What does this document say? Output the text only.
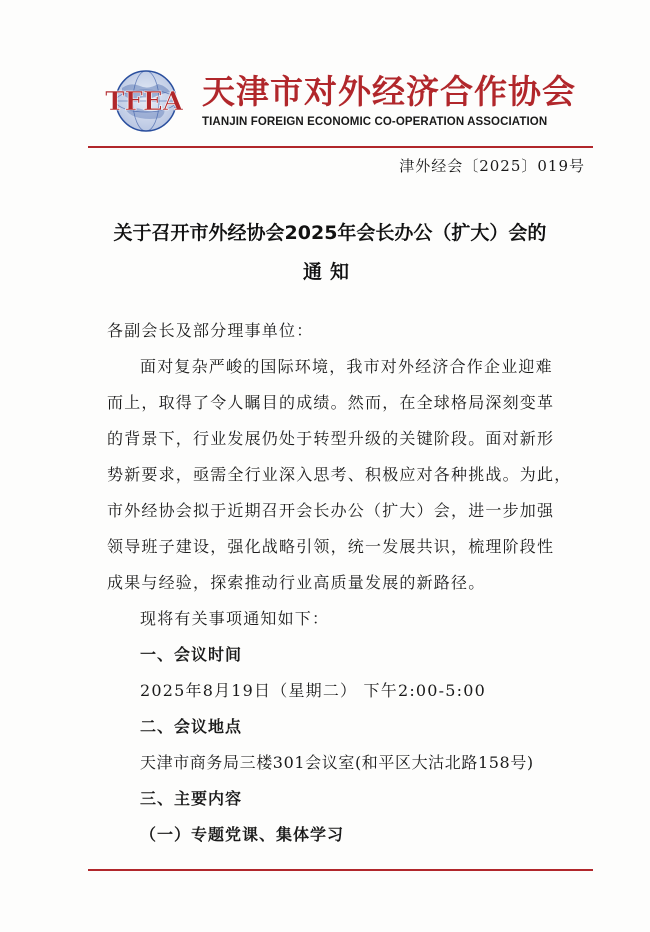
TFEA 天津市对外经济合作协会
TIANJIN FOREIGN ECONOMIC CO-OPERATION ASSOCIATION
津外经会〔2025〕019号
关于召开市外经协会2025年会长办公（扩大）会的
通知
各副会长及部分理事单位：
面对复杂严峻的国际环境，我市对外经济合作企业迎难
而上，取得了令人瞩目的成绩。然而，在全球格局深刻变革
的背景下，行业发展仍处于转型升级的关键阶段。面对新形
势新要求，亟需全行业深入思考、积极应对各种挑战。为此，
市外经协会拟于近期召开会长办公（扩大）会，进一步加强
领导班子建设，强化战略引领，统一发展共识，梳理阶段性
成果与经验，探索推动行业高质量发展的新路径。
现将有关事项通知如下：
一、会议时间
2025年8月19日（星期二） 下午2:00-5:00
二、会议地点
天津市商务局三楼301会议室(和平区大沽北路158号)
三、主要内容
（一）专题党课、集体学习
